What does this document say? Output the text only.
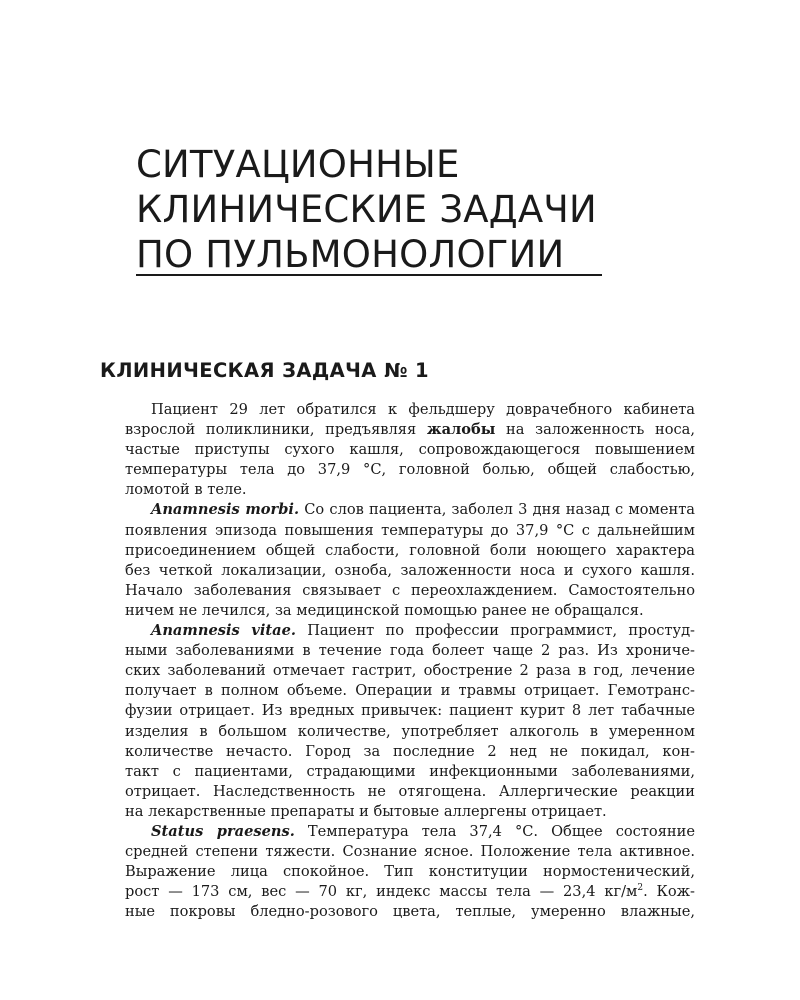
СИТУАЦИОННЫЕ
КЛИНИЧЕСКИЕ ЗАДАЧИ
ПО ПУЛЬМОНОЛОГИИ
КЛИНИЧЕСКАЯ ЗАДАЧА № 1

Пациент 29 лет обратился к фельдшеру доврачебного кабинета
взрослой поликлиники, предъявляя жалобы на заложенность носа,
частые приступы сухого кашля, сопровождающегося повышением
температуры тела до 37,9 °С, головной болью, общей слабостью,
ломотой в теле.

Anamnesis morbi. Со слов пациента, заболел 3 дня назад с момента
появления эпизода повышения температуры до 37,9 °С с дальнейшим
присоединением общей слабости, головной боли ноющего характера
без четкой локализации, озноба, заложенности носа и сухого кашля.
Начало заболевания связывает с переохлаждением. Самостоятельно
ничем не лечился, за медицинской помощью ранее не обращался.

Anamnesis vitae. Пациент по профессии программист, простуд-
ными заболеваниями в течение года болеет чаще 2 раз. Из хрониче-
ских заболеваний отмечает гастрит, обострение 2 раза в год, лечение
получает в полном объеме. Операции и травмы отрицает. Гемотранс-
фузии отрицает. Из вредных привычек: пациент курит 8 лет табачные
изделия в большом количестве, употребляет алкоголь в умеренном
количестве нечасто. Город за последние 2 нед не покидал, кон-
такт с пациентами, страдающими инфекционными заболеваниями,
отрицает. Наследственность не отягощена. Аллергические реакции
на лекарственные препараты и бытовые аллергены отрицает.

Status praesens. Температура тела 37,4 °С. Общее состояние
средней степени тяжести. Сознание ясное. Положение тела активное.
Выражение лица спокойное. Тип конституции нормостенический,
рост — 173 см, вес — 70 кг, индекс массы тела — 23,4 $кг/м^2$. Кож-
ные покровы бледно-розового цвета, теплые, умеренно влажные,
